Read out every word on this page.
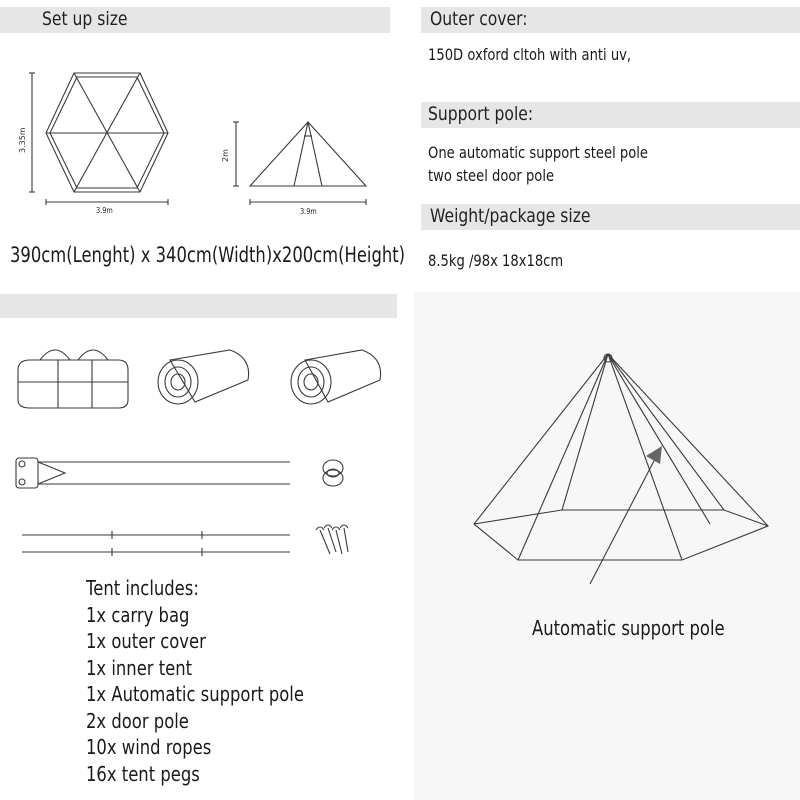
Set up size
3.35m
3.9m
2m
3.9m
390cm(Lenght) x 340cm(Width)x200cm(Height)
Outer cover:
150D oxford cltoh with anti uv,
Support pole:
One automatic support steel pole
two steel door pole
Weight/package size
8.5kg /98x 18x18cm
Tent includes:
1x carry bag
1x outer cover
1x inner tent
1x Automatic support pole
2x door pole
10x wind ropes
16x tent pegs
Automatic support pole
